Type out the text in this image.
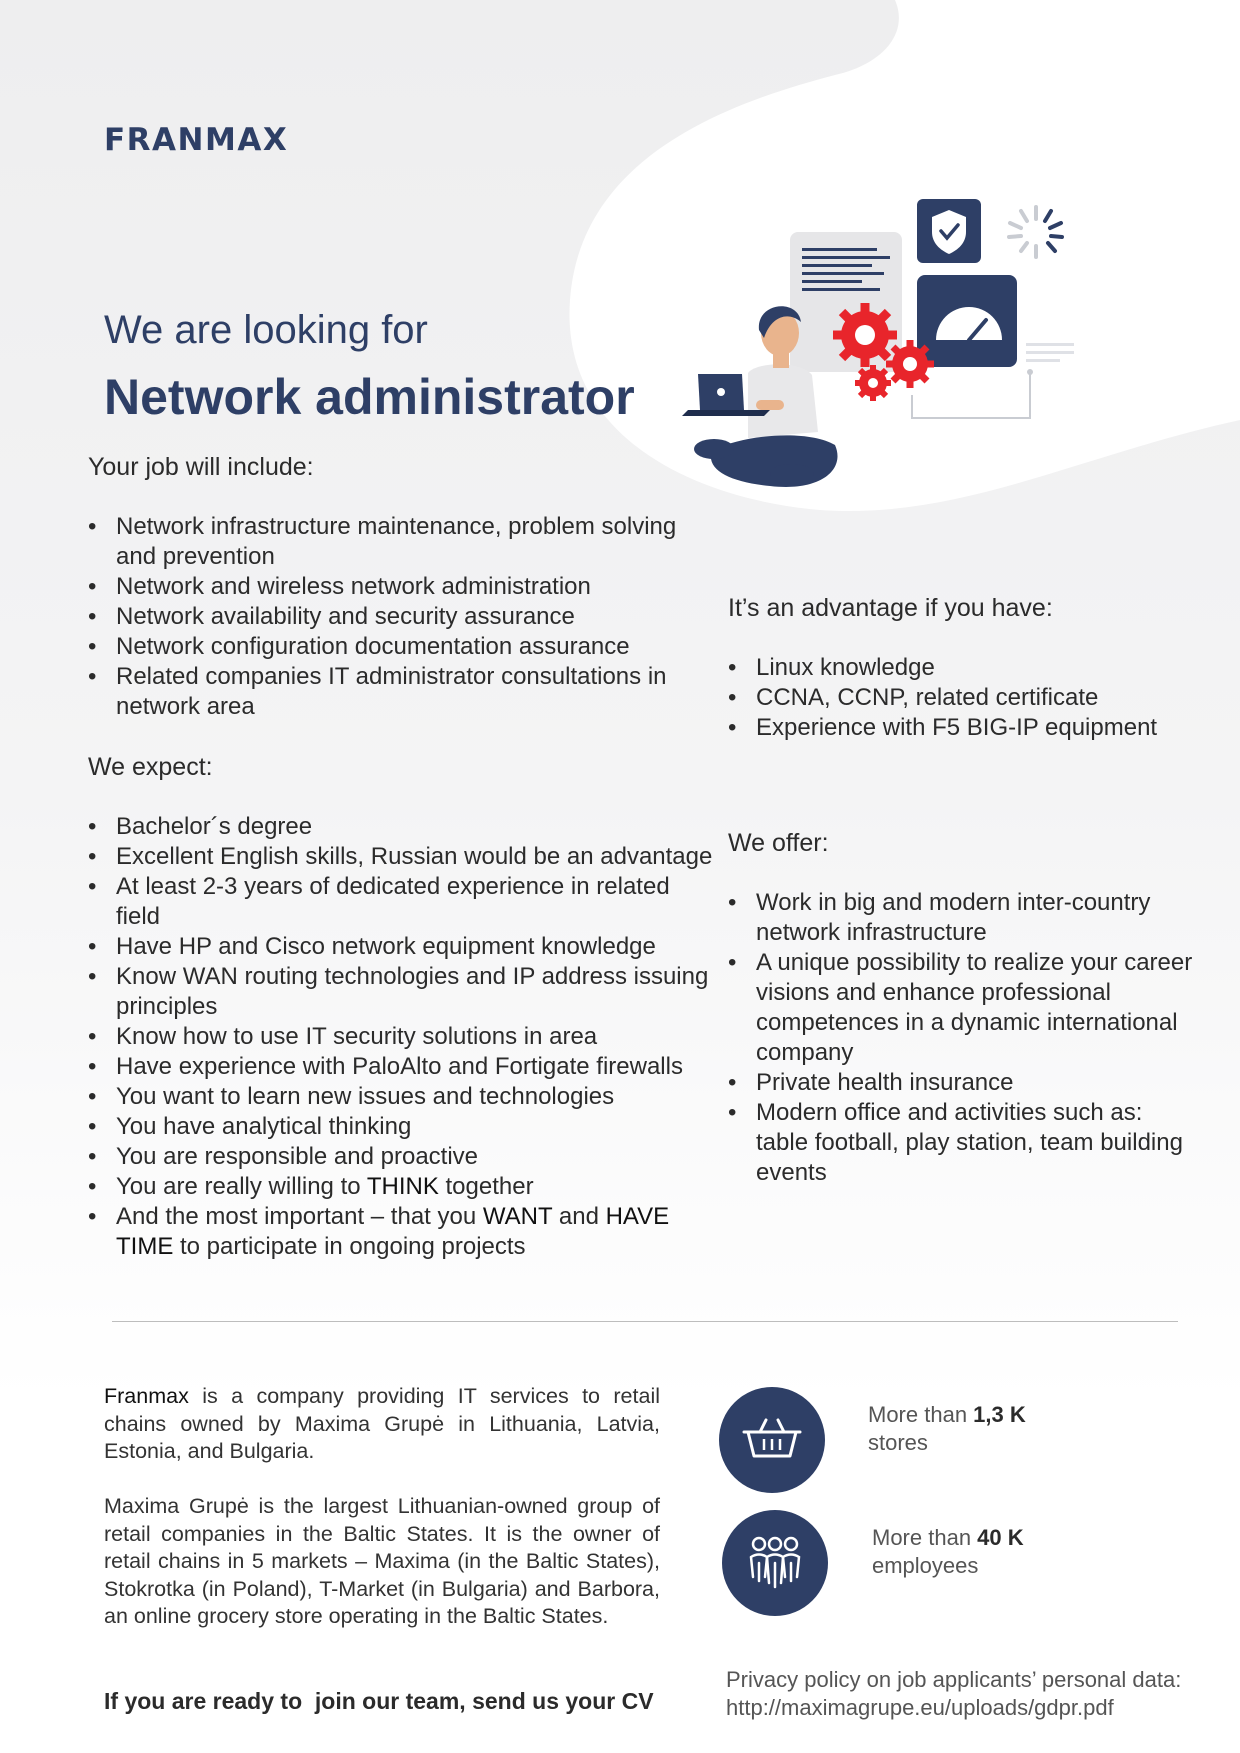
FRANMAX
We are looking for
Network administrator
Your job will include:
• Network infrastructure maintenance, problem solving and prevention
• Network and wireless network administration
• Network availability and security assurance
• Network configuration documentation assurance
• Related companies IT administrator consultations in network area
We expect:
• Bachelor´s degree
• Excellent English skills, Russian would be an advantage
• At least 2-3 years of dedicated experience in related field
• Have HP and Cisco network equipment knowledge
• Know WAN routing technologies and IP address issuing principles
• Know how to use IT security solutions in area
• Have experience with PaloAlto and Fortigate firewalls
• You want to learn new issues and technologies
• You have analytical thinking
• You are responsible and proactive
• You are really willing to THINK together
• And the most important – that you WANT and HAVE TIME to participate in ongoing projects
It’s an advantage if you have:
• Linux knowledge
• CCNA, CCNP, related certificate
• Experience with F5 BIG-IP equipment
We offer:
• Work in big and modern inter-country network infrastructure
• A unique possibility to realize your career visions and enhance professional competences in a dynamic international company
• Private health insurance
• Modern office and activities such as: table football, play station, team building events
Franmax is a company providing IT services to retail chains owned by Maxima Grupė in Lithuania, Latvia, Estonia, and Bulgaria.
Maxima Grupė is the largest Lithuanian-owned group of retail companies in the Baltic States. It is the owner of retail chains in 5 markets – Maxima (in the Baltic States), Stokrotka (in Poland), T-Market (in Bulgaria) and Barbora, an online grocery store operating in the Baltic States.
More than 1,3 K
stores
More than 40 K
employees
If you are ready to  join our team, send us your CV
Privacy policy on job applicants’ personal data:
http://maximagrupe.eu/uploads/gdpr.pdf
